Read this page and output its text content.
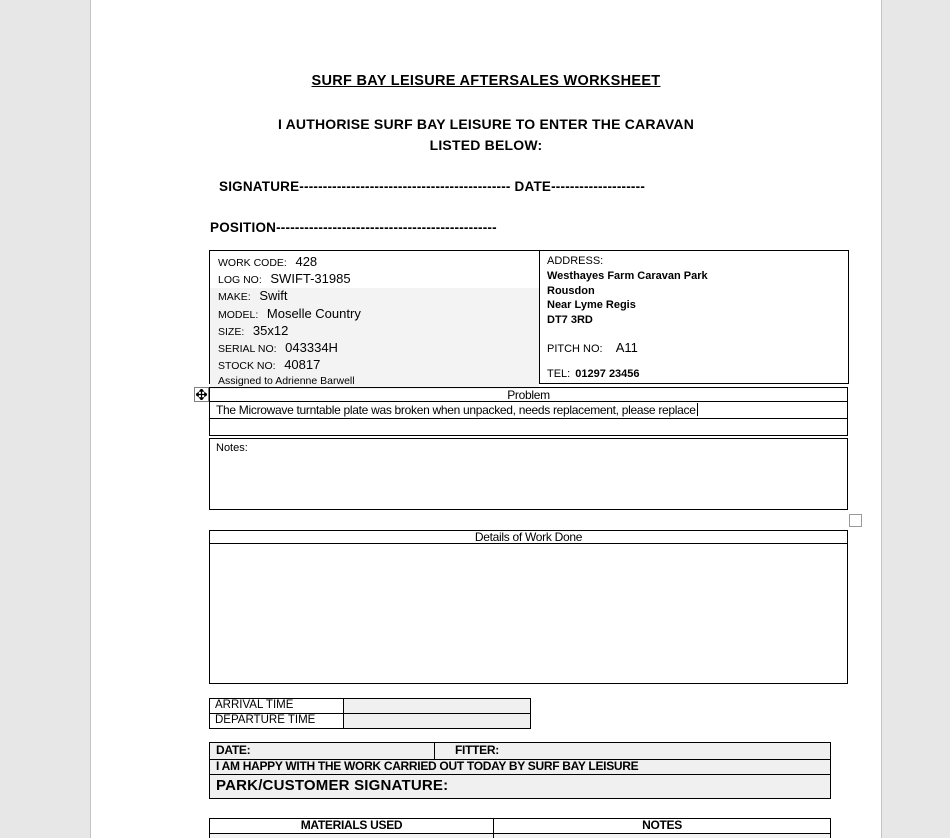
SURF BAY LEISURE AFTERSALES WORKSHEET
I AUTHORISE SURF BAY LEISURE TO ENTER THE CARAVAN
LISTED BELOW:
SIGNATURE--------------------------------------------- DATE--------------------
POSITION-----------------------------------------------
WORK CODE: 428
LOG NO: SWIFT-31985
MAKE: Swift
MODEL: Moselle Country
SIZE: 35x12
SERIAL NO: 043334H
STOCK NO: 40817
Assigned to Adrienne Barwell
ADDRESS:
Westhayes Farm Caravan Park
Rousdon
Near Lyme Regis
DT7 3RD
PITCH NO: A11
TEL: 01297 23456
Problem
The Microwave turntable plate was broken when unpacked, needs replacement, please replace
Notes:
Details of Work Done
ARRIVAL TIME
DEPARTURE TIME
DATE:	FITTER:
I AM HAPPY WITH THE WORK CARRIED OUT TODAY BY SURF BAY LEISURE
PARK/CUSTOMER SIGNATURE:
MATERIALS USED	NOTES
